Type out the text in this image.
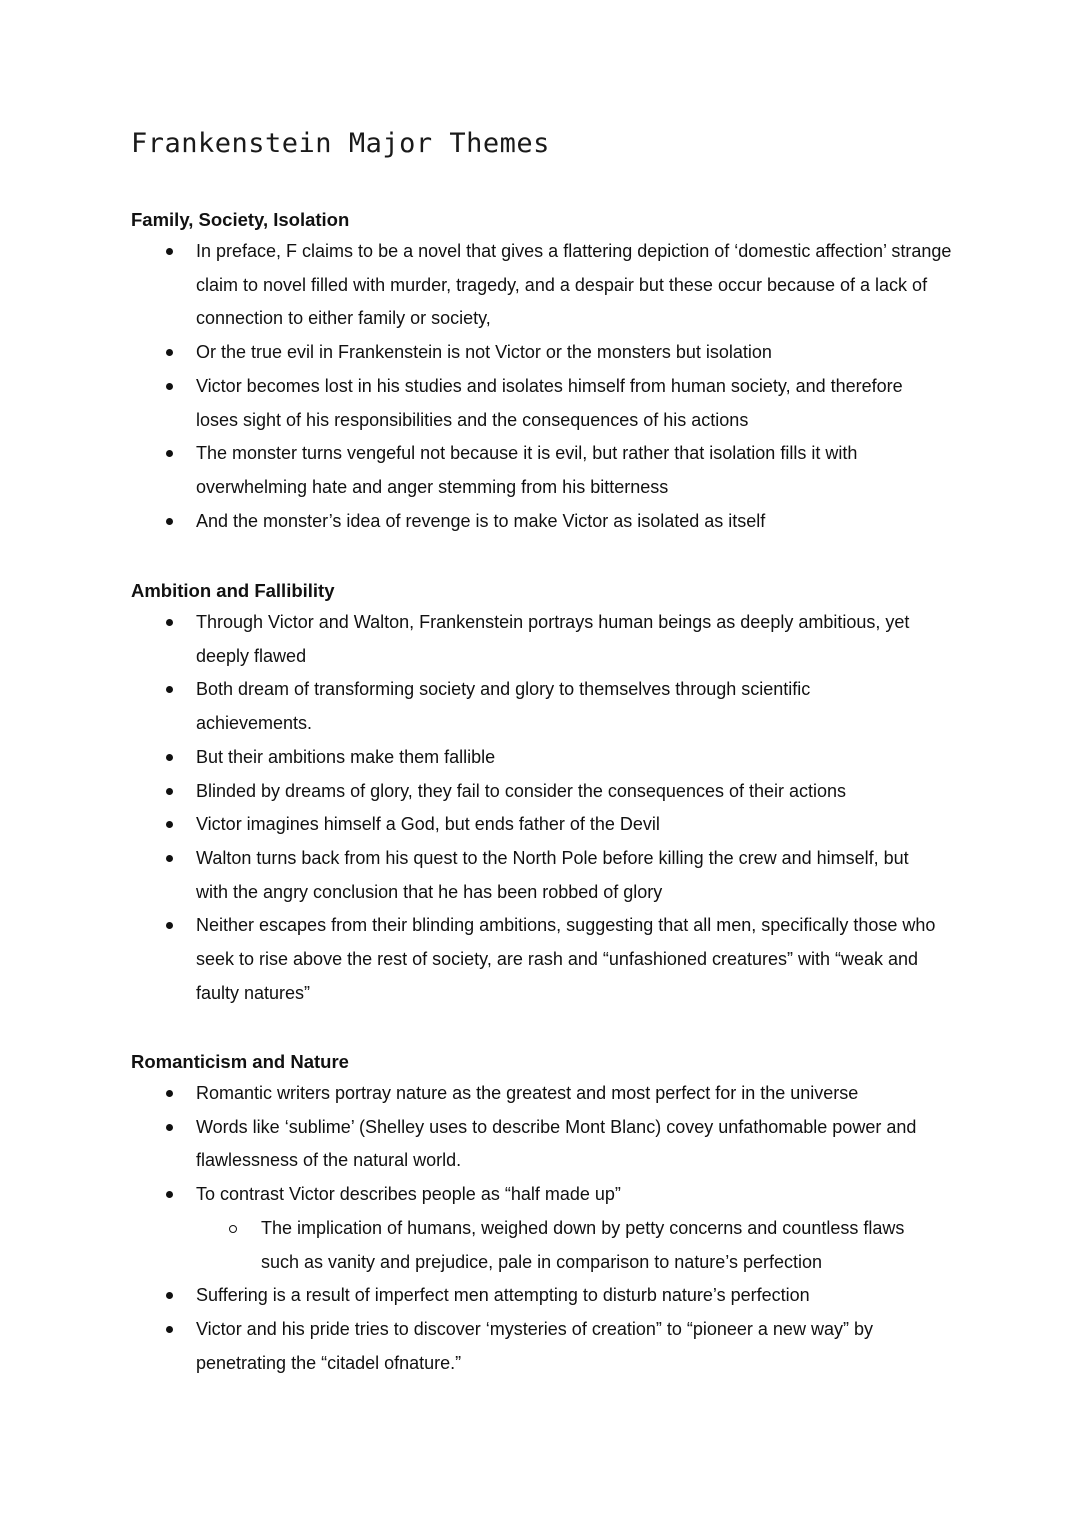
Frankenstein Major Themes
Family, Society, Isolation
In preface, F claims to be a novel that gives a flattering depiction of ‘domestic affection’ strange claim to novel filled with murder, tragedy, and a despair but these occur because of a lack of connection to either family or society,
Or the true evil in Frankenstein is not Victor or the monsters but isolation
Victor becomes lost in his studies and isolates himself from human society, and therefore loses sight of his responsibilities and the consequences of his actions
The monster turns vengeful not because it is evil, but rather that isolation fills it with overwhelming hate and anger stemming from his bitterness
And the monster’s idea of revenge is to make Victor as isolated as itself
Ambition and Fallibility
Through Victor and Walton, Frankenstein portrays human beings as deeply ambitious, yet deeply flawed
Both dream of transforming society and glory to themselves through scientific achievements.
But their ambitions make them fallible
Blinded by dreams of glory, they fail to consider the consequences of their actions
Victor imagines himself a God, but ends father of the Devil
Walton turns back from his quest to the North Pole before killing the crew and himself, but with the angry conclusion that he has been robbed of glory
Neither escapes from their blinding ambitions, suggesting that all men, specifically those who seek to rise above the rest of society, are rash and “unfashioned creatures” with “weak and faulty natures”
Romanticism and Nature
Romantic writers portray nature as the greatest and most perfect for in the universe
Words like ‘sublime’ (Shelley uses to describe Mont Blanc) covey unfathomable power and flawlessness of the natural world.
To contrast Victor describes people as “half made up”
The implication of humans, weighed down by petty concerns and countless flaws such as vanity and prejudice, pale in comparison to nature’s perfection
Suffering is a result of imperfect men attempting to disturb nature’s perfection
Victor and his pride tries to discover ‘mysteries of creation” to “pioneer a new way” by penetrating the “citadel ofnature.”
